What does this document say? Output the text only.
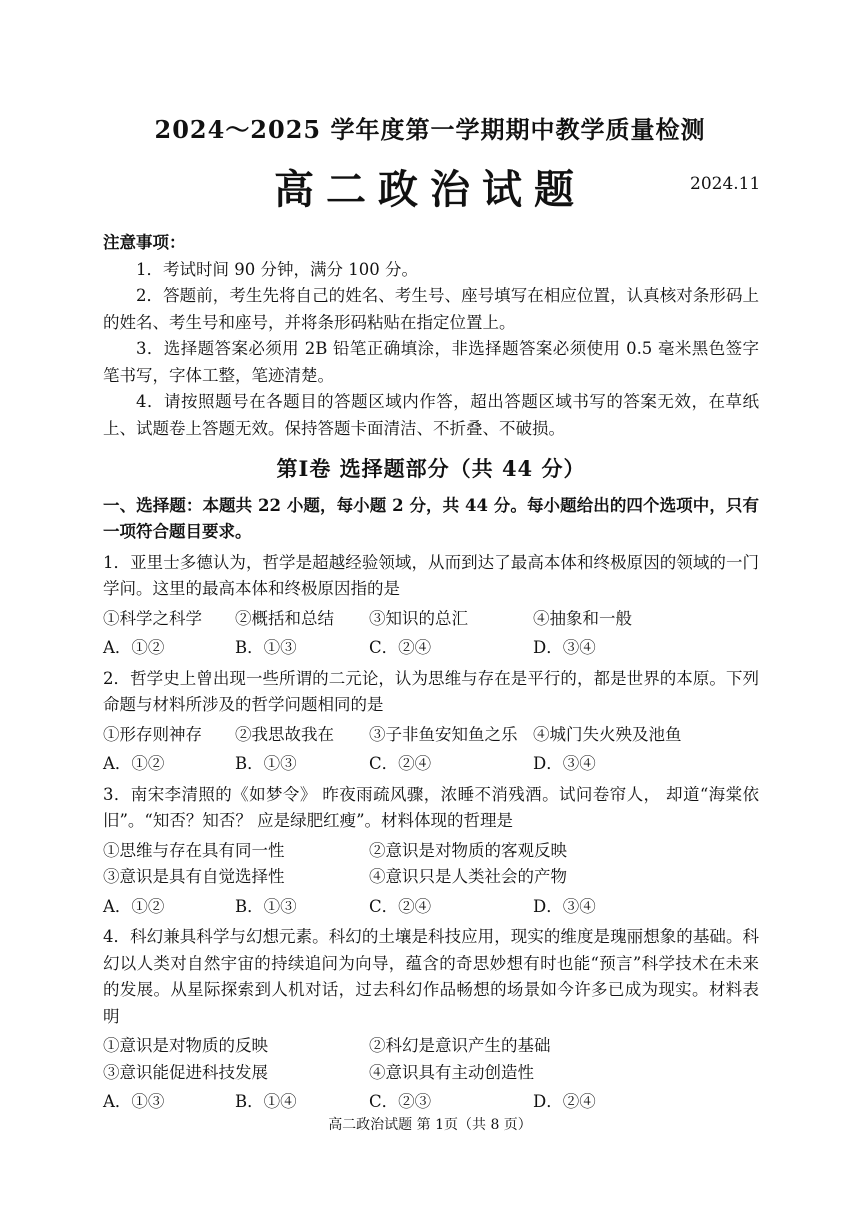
2024～2025 学年度第一学期期中教学质量检测
高二政治试题	2024.11
注意事项：
1．考试时间 90 分钟，满分 100 分。
2．答题前，考生先将自己的姓名、考生号、座号填写在相应位置，认真核对条形码上的姓名、考生号和座号，并将条形码粘贴在指定位置上。
3．选择题答案必须用 2B 铅笔正确填涂，非选择题答案必须使用 0.5 毫米黑色签字笔书写，字体工整，笔迹清楚。
4．请按照题号在各题目的答题区域内作答，超出答题区域书写的答案无效，在草纸上、试题卷上答题无效。保持答题卡面清洁、不折叠、不破损。
第Ⅰ卷 选择题部分（共 44 分）
一、选择题：本题共 22 小题，每小题 2 分，共 44 分。每小题给出的四个选项中，只有一项符合题目要求。
1．亚里士多德认为，哲学是超越经验领域，从而到达了最高本体和终极原因的领域的一门学问。这里的最高本体和终极原因指的是
①科学之科学	②概括和总结	③知识的总汇	④抽象和一般
A．①②	B．①③	C．②④	D．③④
2．哲学史上曾出现一些所谓的二元论，认为思维与存在是平行的，都是世界的本原。下列命题与材料所涉及的哲学问题相同的是
①形存则神存	②我思故我在	③子非鱼安知鱼之乐 ④城门失火殃及池鱼
A．①②	B．①③	C．②④	D．③④
3．南宋李清照的《如梦令》 昨夜雨疏风骤，浓睡不消残酒。试问卷帘人， 却道“海棠依旧”。“知否？知否？ 应是绿肥红瘦”。材料体现的哲理是
①思维与存在具有同一性	②意识是对物质的客观反映
③意识是具有自觉选择性	④意识只是人类社会的产物
A．①②	B．①③	C．②④	D．③④
4．科幻兼具科学与幻想元素。科幻的土壤是科技应用，现实的维度是瑰丽想象的基础。科幻以人类对自然宇宙的持续追问为向导，蕴含的奇思妙想有时也能“预言”科学技术在未来的发展。从星际探索到人机对话，过去科幻作品畅想的场景如今许多已成为现实。材料表明
①意识是对物质的反映	②科幻是意识产生的基础
③意识能促进科技发展	④意识具有主动创造性
A．①③	B．①④	C．②③	D．②④
高二政治试题 第 1页（共 8 页）
